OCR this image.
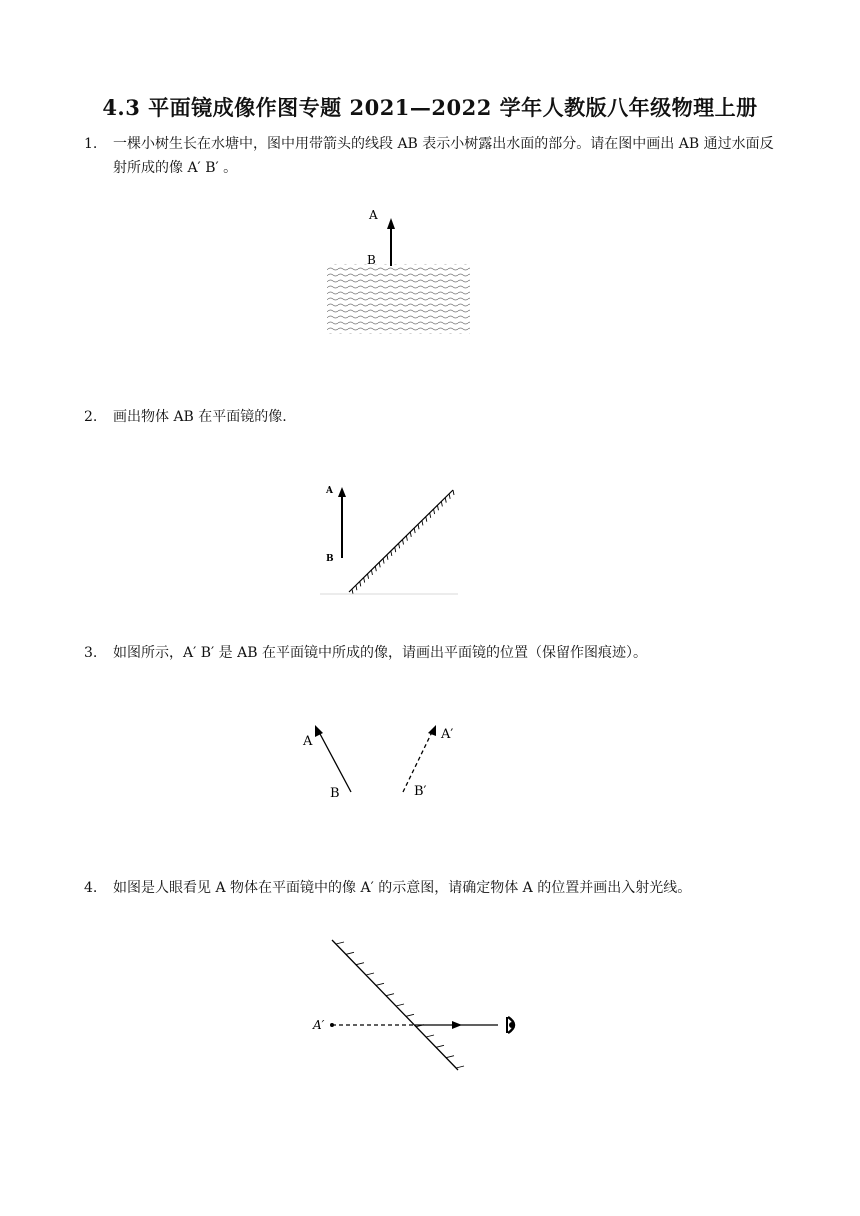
4.3 平面镜成像作图专题 2021—2022 学年人教版八年级物理上册
1. 一棵小树生长在水塘中，图中用带箭头的线段 AB 表示小树露出水面的部分。请在图中画出 AB 通过水面反射所成的像 A′ B′ 。
A
B
2. 画出物体 AB 在平面镜的像.
A
B
3. 如图所示，A′ B′ 是 AB 在平面镜中所成的像，请画出平面镜的位置（保留作图痕迹）。
A
B
A′
B′
4. 如图是人眼看见 A 物体在平面镜中的像 A′ 的示意图，请确定物体 A 的位置并画出入射光线。
A′
